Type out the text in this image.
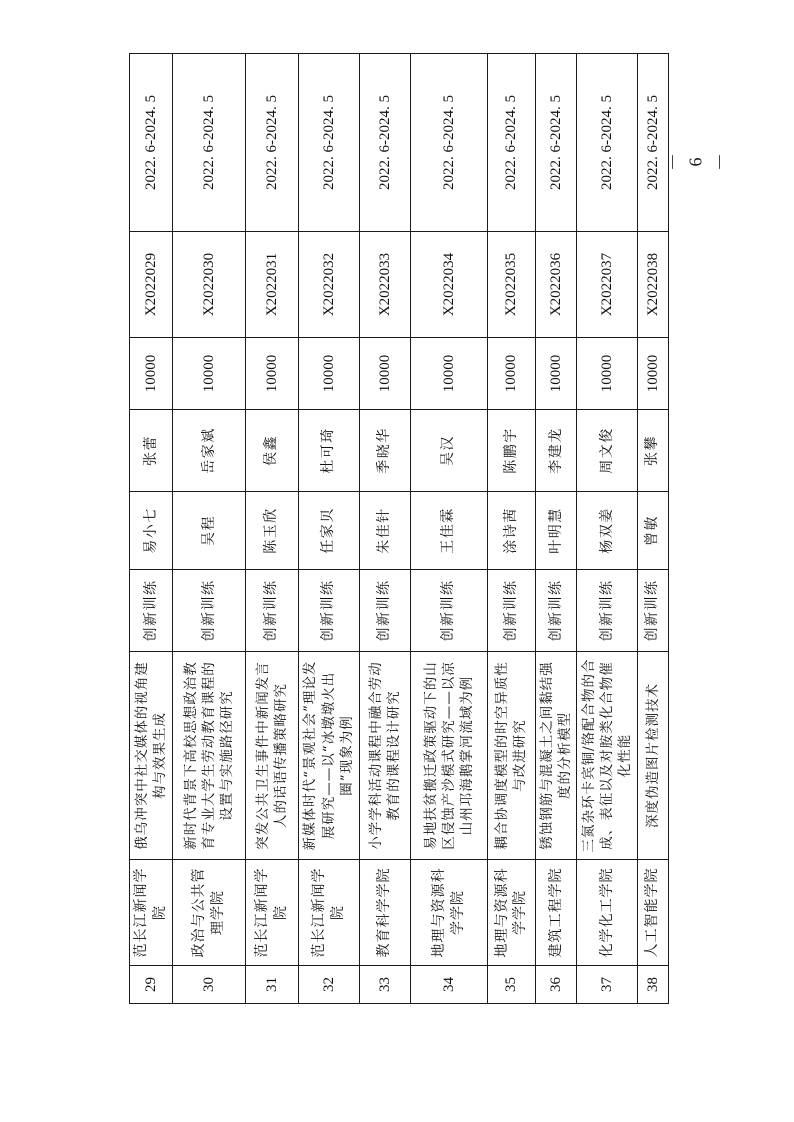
29	范长江新闻学院	俄乌冲突中社交媒体的视角建构与效果生成	创新训练	易小七	张蕾	10000	X2022029	2022. 6-2024. 5
30	政治与公共管理学院	新时代背景下高校思想政治教育专业大学生劳动教育课程的设置与实施路径研究	创新训练	吴程	岳家斌	10000	X2022030	2022. 6-2024. 5
31	范长江新闻学院	突发公共卫生事件中新闻发言人的话语传播策略研究	创新训练	陈玉欣	侯鑫	10000	X2022031	2022. 6-2024. 5
32	范长江新闻学院	新媒体时代“景观社会”理论发展研究——以“冰墩墩火出圈”现象为例	创新训练	任家贝	杜可琦	10000	X2022032	2022. 6-2024. 5
33	教育科学学院	小学学科活动课程中融合劳动教育的课程设计研究	创新训练	朱佳针	季晓华	10000	X2022033	2022. 6-2024. 5
34	地理与资源科学学院	易地扶贫搬迁政策驱动下的山区侵蚀产沙模式研究——以凉山州邛海鹅掌河流域为例	创新训练	王佳霖	吴汉	10000	X2022034	2022. 6-2024. 5
35	地理与资源科学学院	耦合协调度模型的时空异质性与改进研究	创新训练	涂诗茜	陈鹏宇	10000	X2022035	2022. 6-2024. 5
36	建筑工程学院	锈蚀钢筋与混凝土之间黏结强度的分析模型	创新训练	叶明慧	李建龙	10000	X2022036	2022. 6-2024. 5
37	化学化工学院	三氮杂环卡宾铜/铬配合物的合成、表征以及对胺类化合物催化性能	创新训练	杨双姜	周文俊	10000	X2022037	2022. 6-2024. 5
38	人工智能学院	深度伪造图片检测技术	创新训练	曾敏	张攀	10000	X2022038	2022. 6-2024. 5 － 6 －
